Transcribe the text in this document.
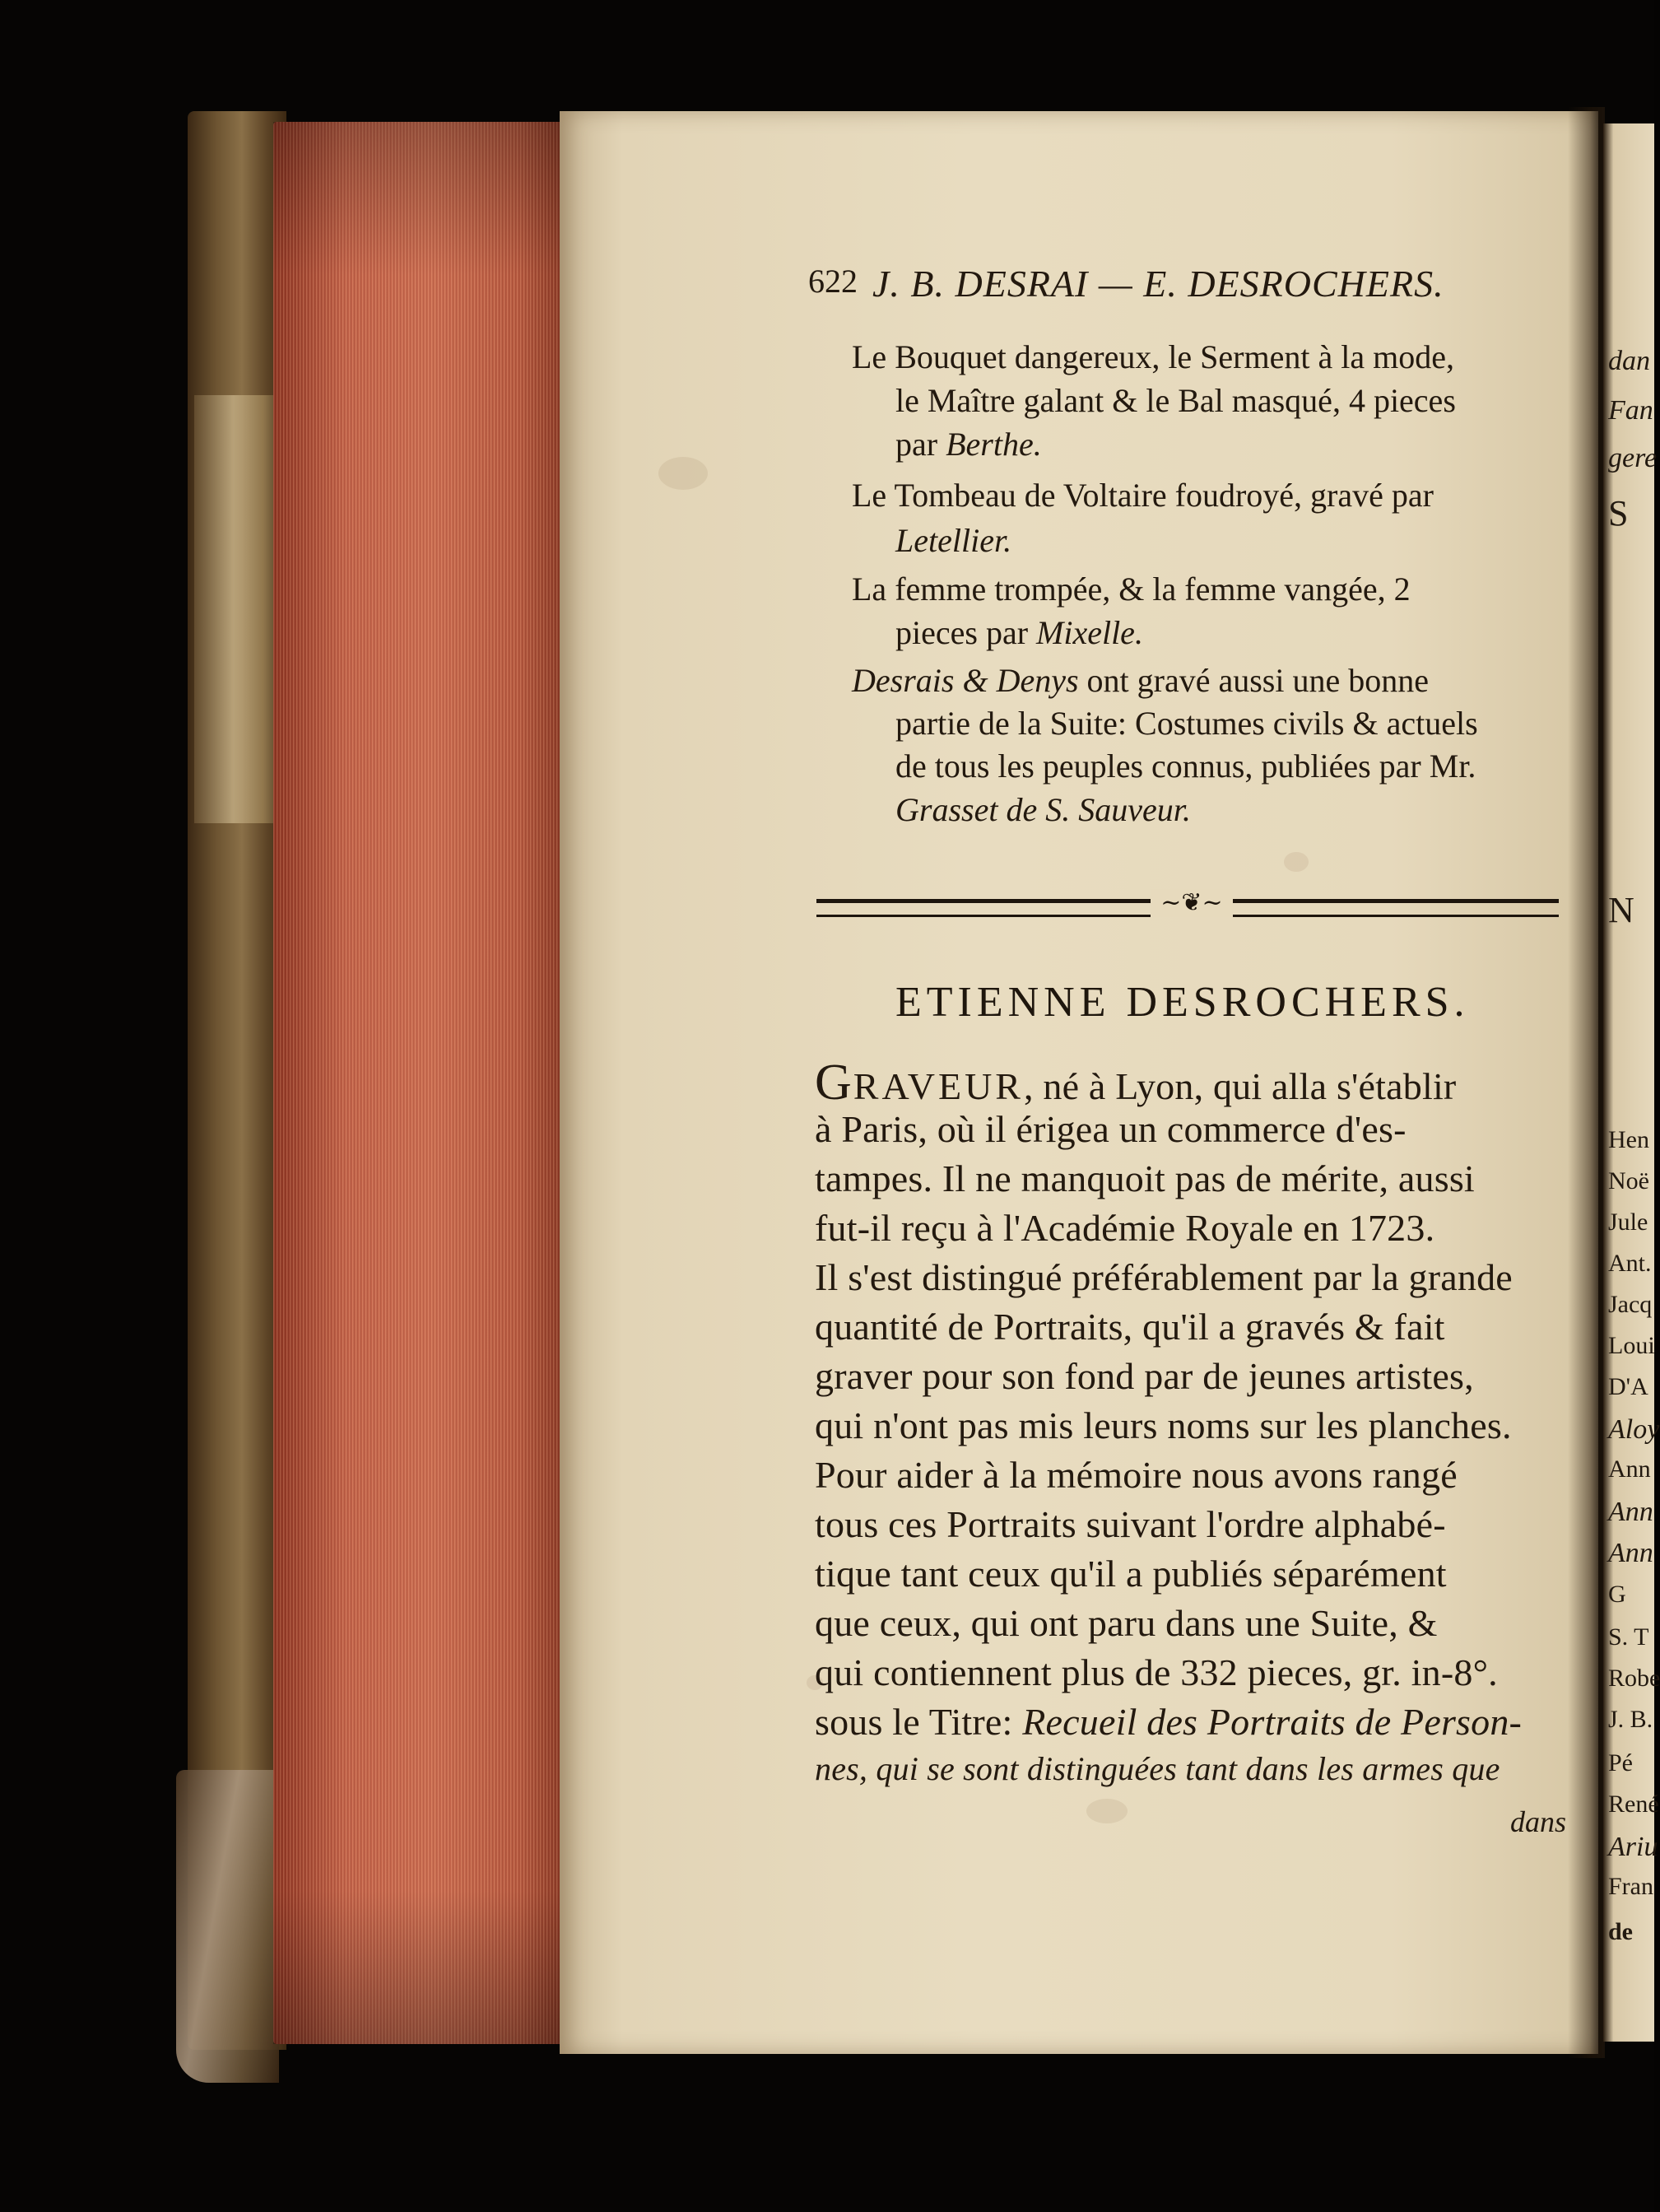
dan
Fan
gere
S
N
Hen
Noë
Jule
Ant.
Jacq
Loui
D'A
Aloy
Ann
Ann
Ann
G
S. T
Robe
J. B.
Pé
René
Ariu
Fran
de
622 J. B. DESRAI — E. DESROCHERS.
Le Bouquet dangereux, le Serment à la mode,
le Maître galant & le Bal masqué, 4 pieces
par Berthe.
Le Tombeau de Voltaire foudroyé, gravé par
Letellier.
La femme trompée, & la femme vangée, 2
pieces par Mixelle.
Desrais & Denys ont gravé aussi une bonne
partie de la Suite: Costumes civils & actuels
de tous les peuples connus, publiées par Mr.
Grasset de S. Sauveur.
~❦~
ETIENNE DESROCHERS.
GRAVEUR, né à Lyon, qui alla s'établir
à Paris, où il érigea un commerce d'es-
tampes. Il ne manquoit pas de mérite, aussi
fut-il reçu à l'Académie Royale en 1723.
Il s'est distingué préférablement par la grande
quantité de Portraits, qu'il a gravés & fait
graver pour son fond par de jeunes artistes,
qui n'ont pas mis leurs noms sur les planches.
Pour aider à la mémoire nous avons rangé
tous ces Portraits suivant l'ordre alphabé-
tique tant ceux qu'il a publiés séparément
que ceux, qui ont paru dans une Suite, &
qui contiennent plus de 332 pieces, gr. in-8°.
sous le Titre: Recueil des Portraits de Person-
nes, qui se sont distinguées tant dans les armes que
dans
